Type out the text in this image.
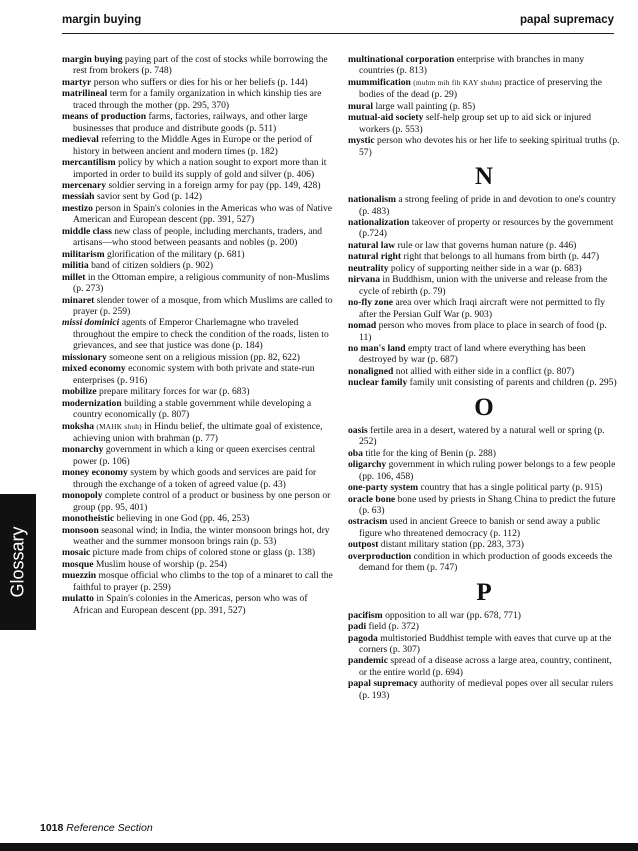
margin buying	papal supremacy

margin buying paying part of the cost of stocks while borrowing the rest from brokers (p. 748)

martyr person who suffers or dies for his or her beliefs (p. 144)

matrilineal term for a family organization in which kinship ties are traced through the mother (pp. 295, 370)

means of production farms, factories, railways, and other large businesses that produce and distribute goods (p. 511)

medieval referring to the Middle Ages in Europe or the period of history in between ancient and modern times (p. 182)

mercantilism policy by which a nation sought to export more than it imported in order to build its supply of gold and silver (p. 406)

mercenary soldier serving in a foreign army for pay (pp. 149, 428)

messiah savior sent by God (p. 142)

mestizo person in Spain's colonies in the Americas who was of Native American and European descent (pp. 391, 527)

middle class new class of people, including merchants, traders, and artisans—who stood between peasants and nobles (p. 200)

militarism glorification of the military (p. 681)

militia band of citizen soldiers (p. 902)

millet in the Ottoman empire, a religious community of non-Muslims (p. 273)

minaret slender tower of a mosque, from which Muslims are called to prayer (p. 259)

missi dominici agents of Emperor Charlemagne who traveled throughout the empire to check the condition of the roads, listen to grievances, and see that justice was done (p. 184)

missionary someone sent on a religious mission (pp. 82, 622)

mixed economy economic system with both private and state-run enterprises (p. 916)

mobilize prepare military forces for war (p. 683)

modernization building a stable government while developing a country economically (p. 807)

moksha (MAHK shuh) in Hindu belief, the ultimate goal of existence, achieving union with brahman (p. 77)

monarchy government in which a king or queen exercises central power (p. 106)

money economy system by which goods and services are paid for through the exchange of a token of agreed value (p. 43)

monopoly complete control of a product or business by one person or group (pp. 95, 401)

monotheistic believing in one God (pp. 46, 253)

monsoon seasonal wind; in India, the winter monsoon brings hot, dry weather and the summer monsoon brings rain (p. 53)

mosaic picture made from chips of colored stone or glass (p. 138)

mosque Muslim house of worship (p. 254)

muezzin mosque official who climbs to the top of a minaret to call the faithful to prayer (p. 259)

mulatto in Spain's colonies in the Americas, person who was of African and European descent (pp. 391, 527)

multinational corporation enterprise with branches in many countries (p. 813)

mummification (muhm mih fih KAY shuhn) practice of preserving the bodies of the dead (p. 29)

mural large wall painting (p. 85)

mutual-aid society self-help group set up to aid sick or injured workers (p. 553)

mystic person who devotes his or her life to seeking spiritual truths (p. 57)

N

nationalism a strong feeling of pride in and devotion to one's country (p. 483)

nationalization takeover of property or resources by the government (p.724)

natural law rule or law that governs human nature (p. 446)

natural right right that belongs to all humans from birth (p. 447)

neutrality policy of supporting neither side in a war (p. 683)

nirvana in Buddhism, union with the universe and release from the cycle of rebirth (p. 79)

no-fly zone area over which Iraqi aircraft were not permitted to fly after the Persian Gulf War (p. 903)

nomad person who moves from place to place in search of food (p. 11)

no man's land empty tract of land where everything has been destroyed by war (p. 687)

nonaligned not allied with either side in a conflict (p. 807)

nuclear family family unit consisting of parents and children (p. 295)

O

oasis fertile area in a desert, watered by a natural well or spring (p. 252)

oba title for the king of Benin (p. 288)

oligarchy government in which ruling power belongs to a few people (pp. 106, 458)

one-party system country that has a single political party (p. 915)

oracle bone bone used by priests in Shang China to predict the future (p. 63)

ostracism used in ancient Greece to banish or send away a public figure who threatened democracy (p. 112)

outpost distant military station (pp. 283, 373)

overproduction condition in which production of goods exceeds the demand for them (p. 747)

P

pacifism opposition to all war (pp. 678, 771)

padi field (p. 372)

pagoda multistoried Buddhist temple with eaves that curve up at the corners (p. 307)

pandemic spread of a disease across a large area, country, continent, or the entire world (p. 694)

papal supremacy authority of medieval popes over all secular rulers (p. 193)

Glossary
1018 Reference Section
